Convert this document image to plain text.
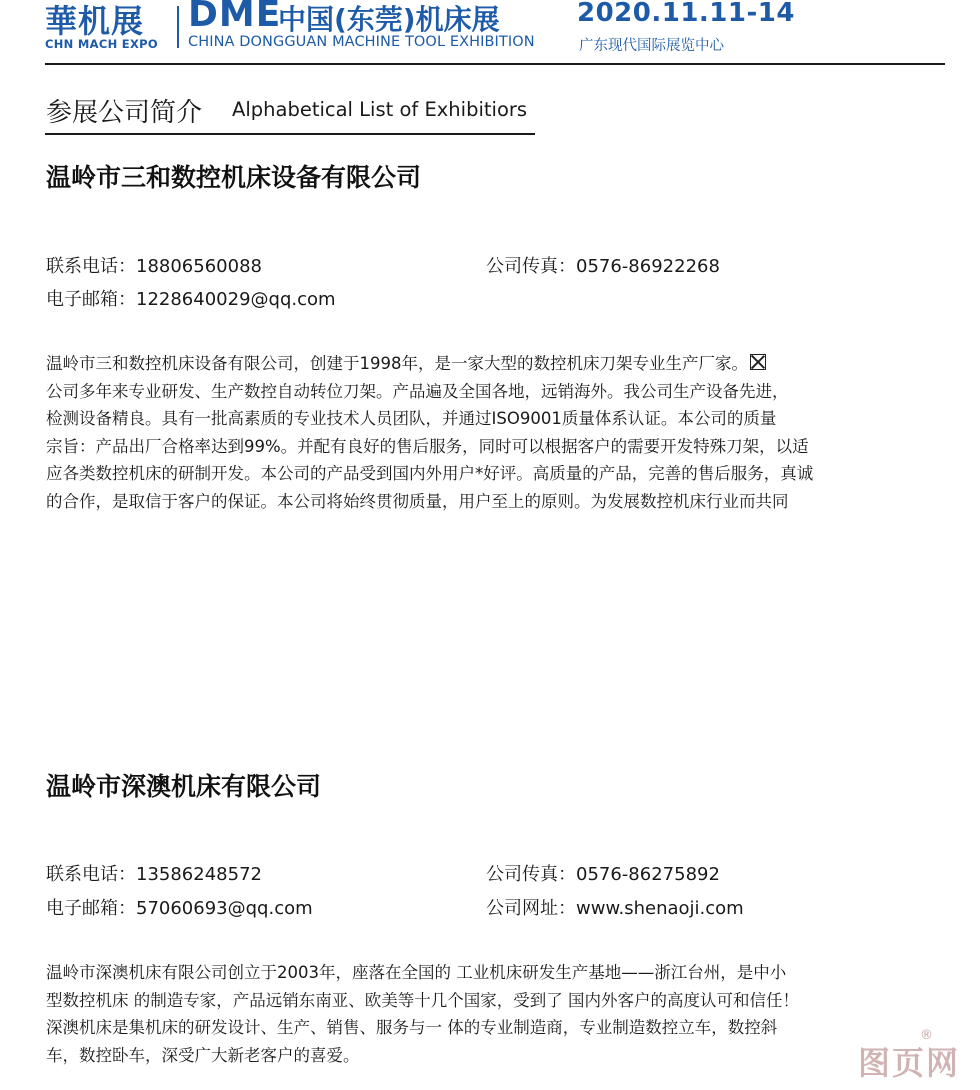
華机展
CHN MACH EXPO
DME
中国(东莞)机床展	2020.11.11-14
CHINA DONGGUAN MACHINE TOOL EXHIBITION	广东现代国际展览中心
参展公司简介 Alphabetical List of Exhibitiors
温岭市三和数控机床设备有限公司
联系电话：18806560088	公司传真：0576-86922268
电子邮箱：1228640029@qq.com

温岭市三和数控机床设备有限公司，创建于1998年，是一家大型的数控机床刀架专业生产厂家。

公司多年来专业研发、生产数控自动转位刀架。产品遍及全国各地，远销海外。我公司生产设备先进，

检测设备精良。具有一批高素质的专业技术人员团队，并通过ISO9001质量体系认证。本公司的质量

宗旨：产品出厂合格率达到99%。并配有良好的售后服务，同时可以根据客户的需要开发特殊刀架，以适

应各类数控机床的研制开发。本公司的产品受到国内外用户*好评。高质量的产品，完善的售后服务，真诚

的合作，是取信于客户的保证。本公司将始终贯彻质量，用户至上的原则。为发展数控机床行业而共同

温岭市深澳机床有限公司
联系电话：13586248572	公司传真：0576-86275892
电子邮箱：57060693@qq.com	公司网址：www.shenaoji.com

温岭市深澳机床有限公司创立于2003年，座落在全国的 工业机床研发生产基地——浙江台州，是中小

型数控机床 的制造专家，产品远销东南亚、欧美等十几个国家，受到了 国内外客户的高度认可和信任！

深澳机床是集机床的研发设计、生产、销售、服务与一 体的专业制造商，专业制造数控立车，数控斜

车，数控卧车，深受广大新老客户的喜爱。	图页网
®
